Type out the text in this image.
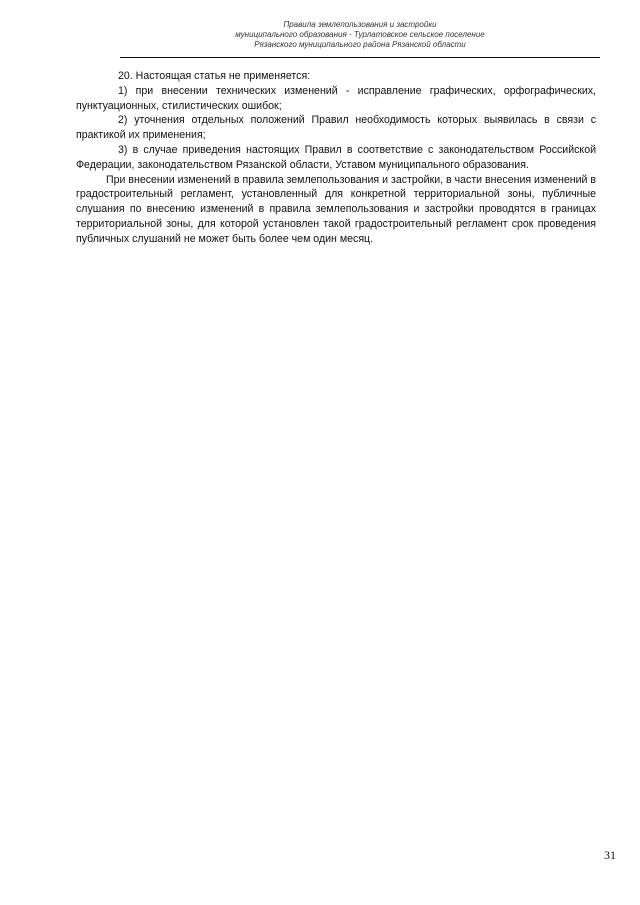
Правила землепользования и застройки
муниципального образования - Турлатовское сельское поселение
Рязанского муниципального района Рязанской области

20. Настоящая статья не применяется:

1) при внесении технических изменений - исправление графических, орфографических, пунктуационных, стилистических ошибок;

2) уточнения отдельных положений Правил необходимость которых выявилась в связи с практикой их применения;

3) в случае приведения настоящих Правил в соответствие с законодательством Российской Федерации, законодательством Рязанской области, Уставом муниципального образования.

При внесении изменений в правила землепользования и застройки, в части внесения изменений в градостроительный регламент, установленный для конкретной территориальной зоны, публичные слушания по внесению изменений в правила землепользования и застройки проводятся в границах территориальной зоны, для которой установлен такой градостроительный регламент срок проведения публичных слушаний не может быть более чем один месяц.

31
